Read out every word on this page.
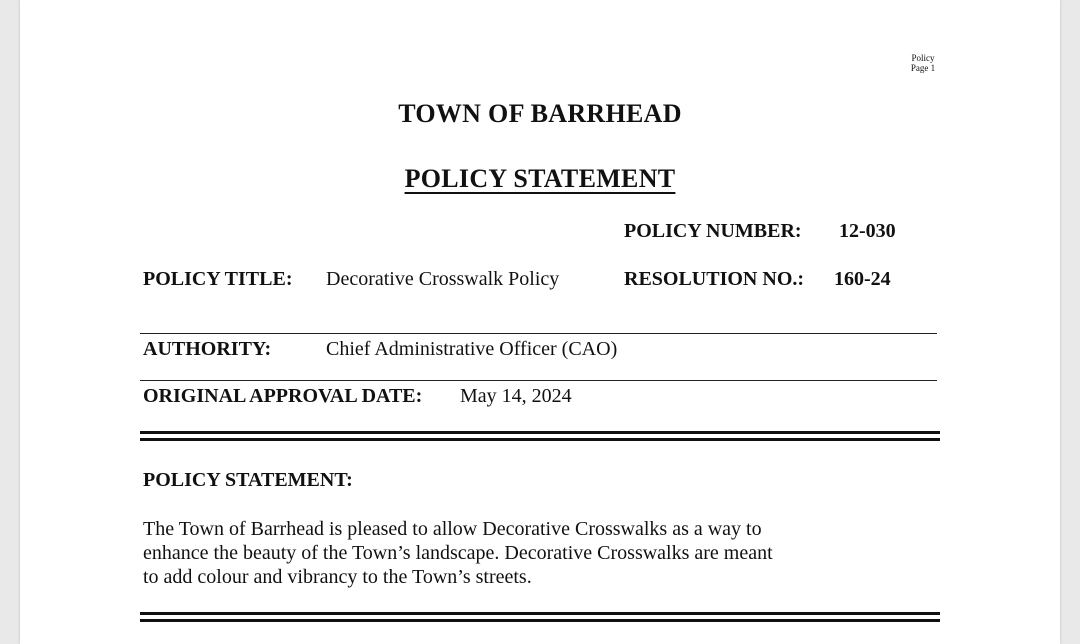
Policy
Page 1
TOWN OF BARRHEAD
POLICY STATEMENT
POLICY NUMBER: 12-030
POLICY TITLE: Decorative Crosswalk Policy	RESOLUTION NO.: 160-24
AUTHORITY:	Chief Administrative Officer (CAO)
ORIGINAL APPROVAL DATE: May 14, 2024
POLICY STATEMENT:
The Town of Barrhead is pleased to allow Decorative Crosswalks as a way to
enhance the beauty of the Town’s landscape. Decorative Crosswalks are meant
to add colour and vibrancy to the Town’s streets.
